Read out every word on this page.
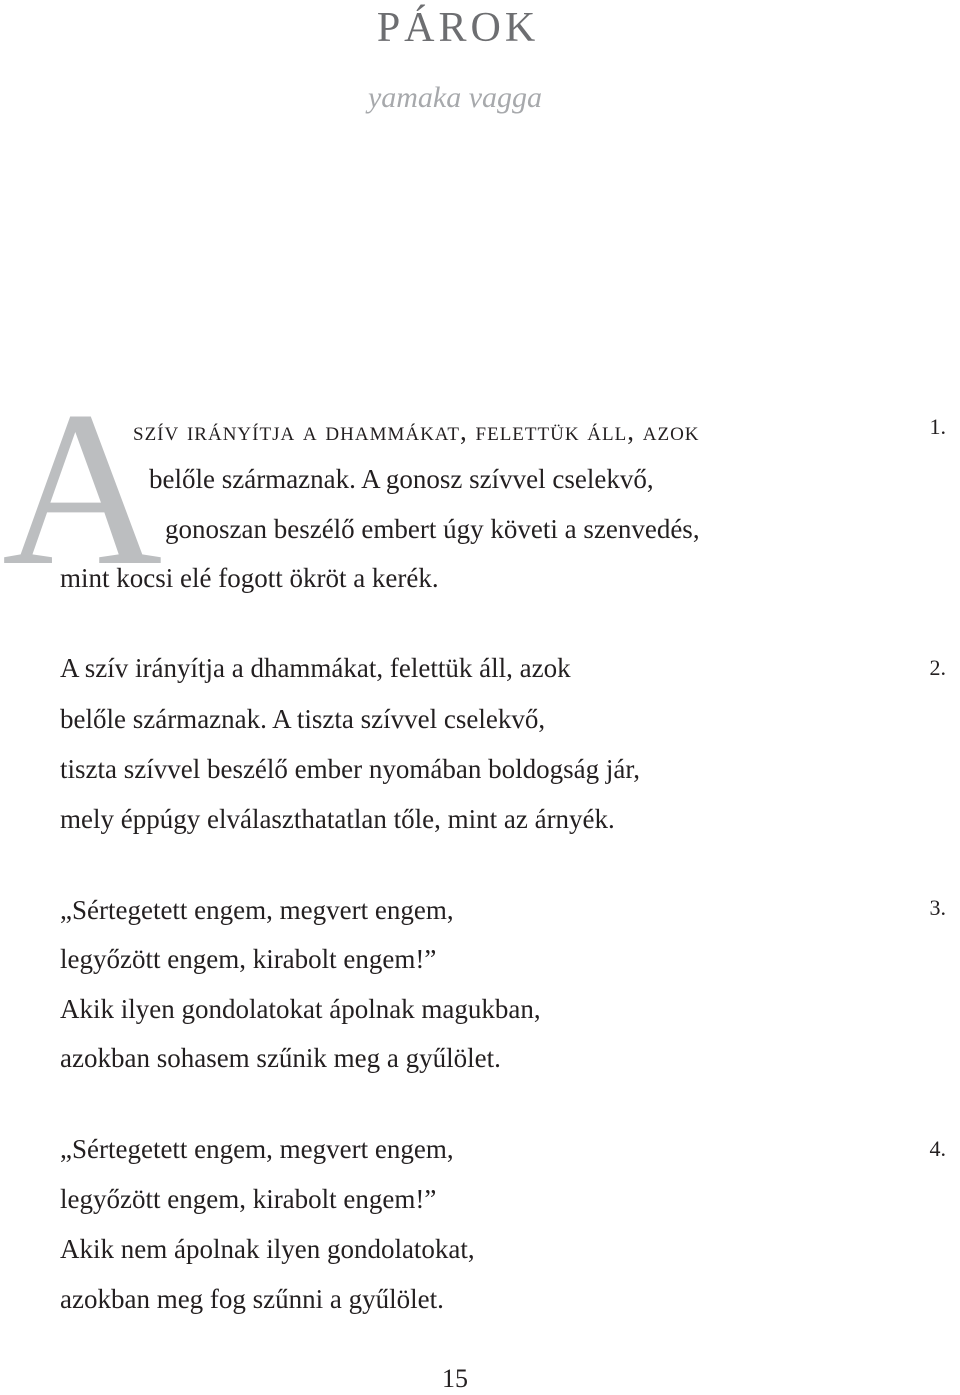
PÁROK
yamaka vagga
A
szív irányítja a dhammákat, felettük áll, azok
belőle származnak. A gonosz szívvel cselekvő,
gonoszan beszélő embert úgy követi a szenvedés,
mint kocsi elé fogott ökröt a kerék.
1.
A szív irányítja a dhammákat, felettük áll, azok
belőle származnak. A tiszta szívvel cselekvő,
tiszta szívvel beszélő ember nyomában boldogság jár,
mely éppúgy elválaszthatatlan tőle, mint az árnyék.
2.
„Sértegetett engem, megvert engem,
legyőzött engem, kirabolt engem!”
Akik ilyen gondolatokat ápolnak magukban,
azokban sohasem szűnik meg a gyűlölet.
3.
„Sértegetett engem, megvert engem,
legyőzött engem, kirabolt engem!”
Akik nem ápolnak ilyen gondolatokat,
azokban meg fog szűnni a gyűlölet.
4.
15
